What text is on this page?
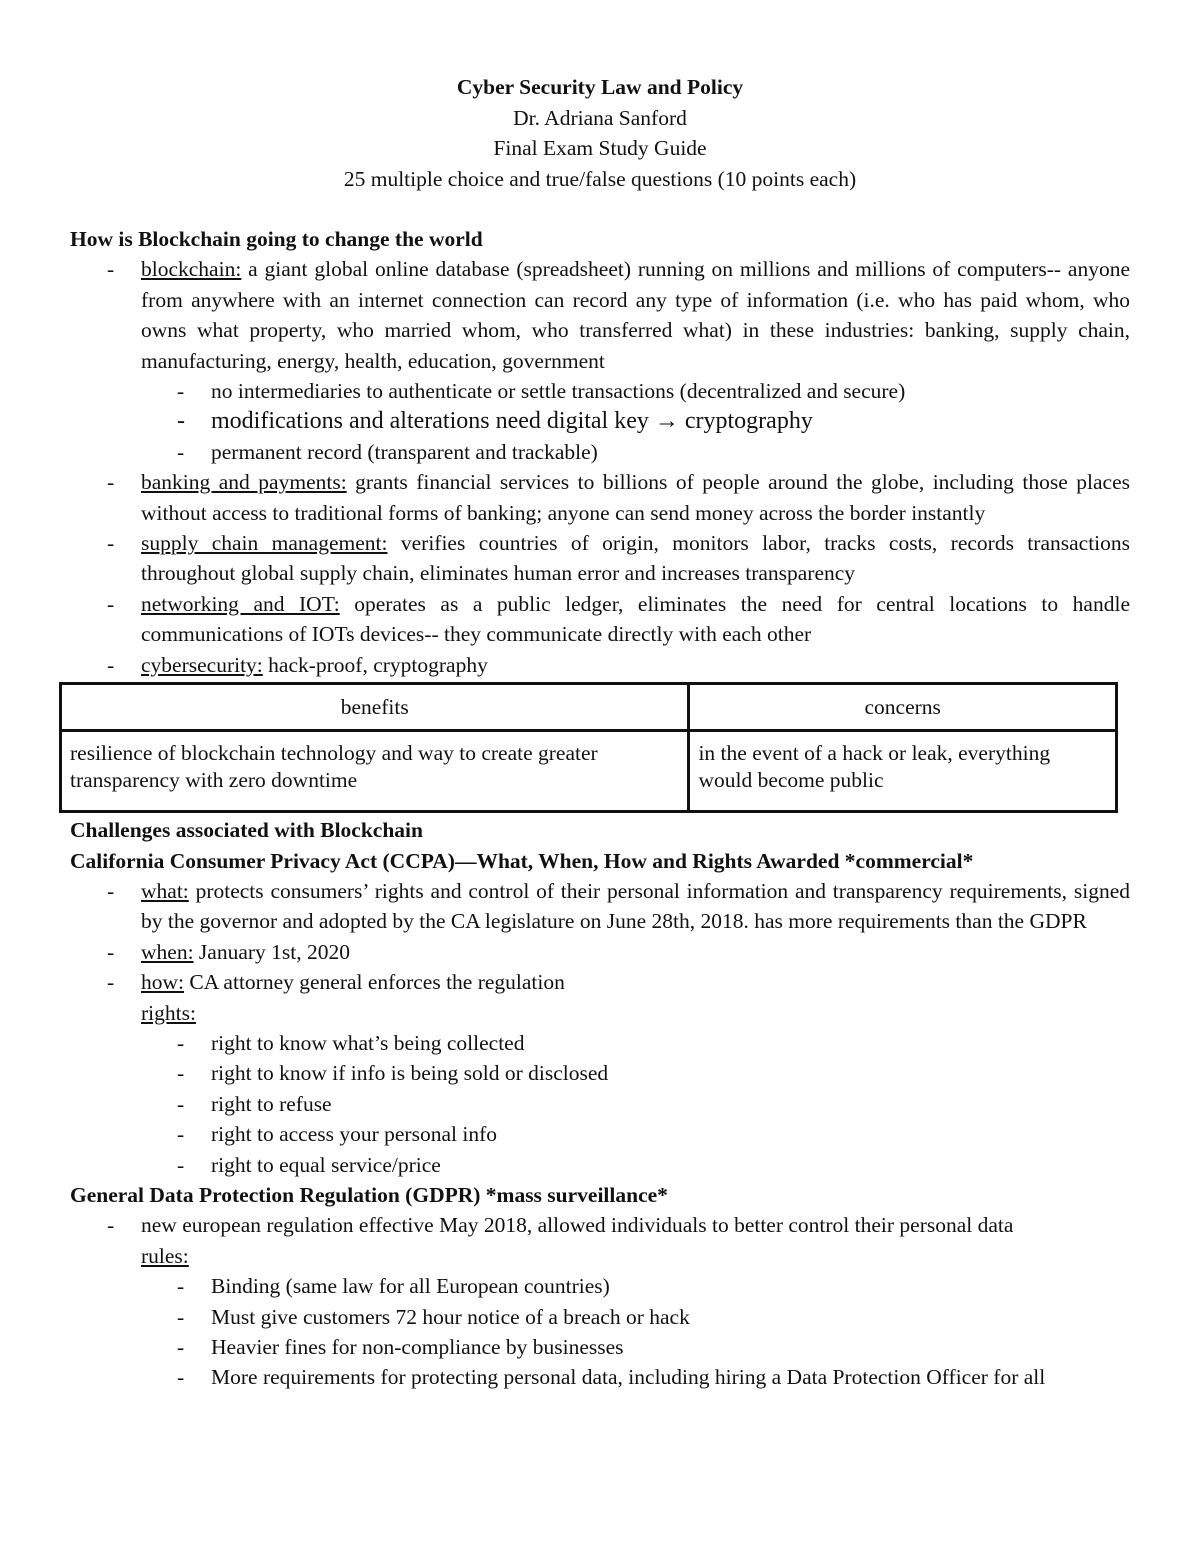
Cyber Security Law and Policy
Dr. Adriana Sanford
Final Exam Study Guide
25 multiple choice and true/false questions (10 points each)

How is Blockchain going to change the world

- blockchain: a giant global online database (spreadsheet) running on millions and millions of computers-- anyone from anywhere with an internet connection can record any type of information (i.e. who has paid whom, who owns what property, who married whom, who transferred what) in these industries: banking, supply chain, manufacturing, energy, health, education, government
- no intermediaries to authenticate or settle transactions (decentralized and secure)
- modifications and alterations need digital key → cryptography
- permanent record (transparent and trackable)
- banking and payments: grants financial services to billions of people around the globe, including those places without access to traditional forms of banking; anyone can send money across the border instantly
- supply chain management: verifies countries of origin, monitors labor, tracks costs, records transactions throughout global supply chain, eliminates human error and increases transparency
- networking and IOT: operates as a public ledger, eliminates the need for central locations to handle communications of IOTs devices-- they communicate directly with each other
- cybersecurity: hack-proof, cryptography
benefits	concerns
resilience of blockchain technology and way to create greater transparency with zero downtime	in the event of a hack or leak, everything would become public

Challenges associated with Blockchain

California Consumer Privacy Act (CCPA)—What, When, How and Rights Awarded *commercial*

- what: protects consumers’ rights and control of their personal information and transparency requirements, signed by the governor and adopted by the CA legislature on June 28th, 2018. has more requirements than the GDPR
- when: January 1st, 2020
- how: CA attorney general enforces the regulation
rights:
- right to know what’s being collected
- right to know if info is being sold or disclosed
- right to refuse
- right to access your personal info
- right to equal service/price

General Data Protection Regulation (GDPR) *mass surveillance*

- new european regulation effective May 2018, allowed individuals to better control their personal data
rules:
- Binding (same law for all European countries)
- Must give customers 72 hour notice of a breach or hack
- Heavier fines for non-compliance by businesses
- More requirements for protecting personal data, including hiring a Data Protection Officer for all
